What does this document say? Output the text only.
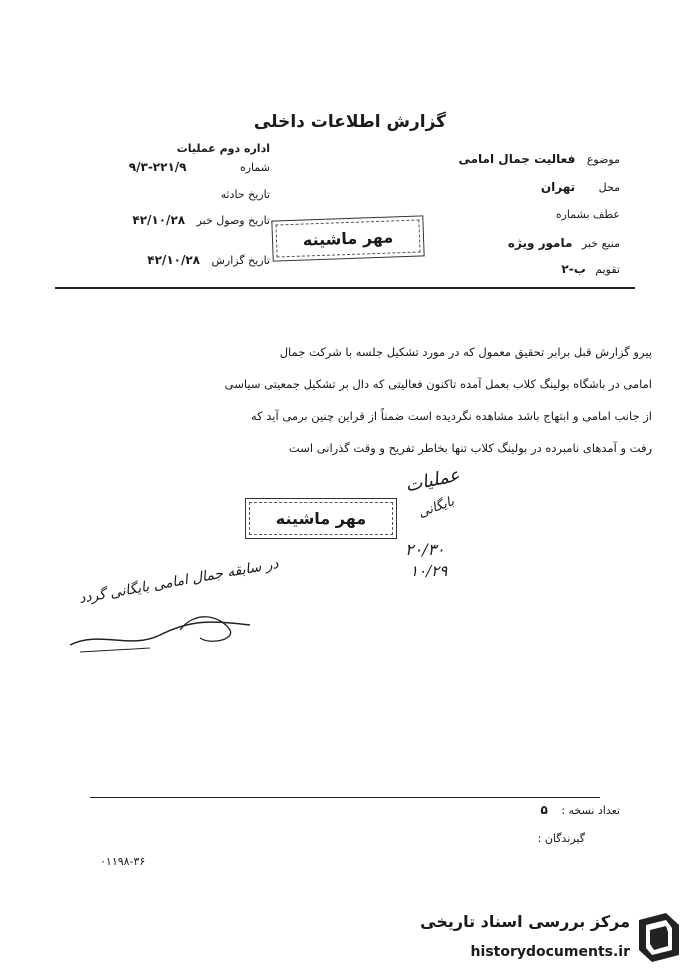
گزارش اطلاعات داخلی
اداره دوم عملیات
شماره ۲۲۱/۹-۹/۳
تاریخ حادثه
تاریخ وصول خبر ۴۲/۱۰/۲۸
تاریخ گزارش ۴۲/۱۰/۲۸
مهر ماشینه
موضوع فعالیت جمال امامی
محل تهران
عطف بشماره
منبع خبر مامور ویژه
تقویم ب-۲
پیرو گزارش قبل برابر تحقیق معمول که در مورد تشکیل جلسه با شرکت جمال
امامی در باشگاه بولینگ کلاب بعمل آمده تاکنون فعالیتی که دال بر تشکیل جمعیتی سیاسی
از جانب امامی و ابتهاج باشد مشاهده نگردیده است ضمناً از قراین چنین برمی آید که
رفت و آمدهای نامبرده در بولینگ کلاب تنها بخاطر تفریح و وقت گذرانی است
مهر ماشینه
عملیات
بایگانی
۲۰/۳۰
۱۰/۲۹
در سابقه جمال امامی بایگانی گردد
تعداد نسخه : ۵
گیرندگان :
۰۱۱۹۸-۳۶
مرکز بررسی اسناد تاریخی
historydocuments.ir
